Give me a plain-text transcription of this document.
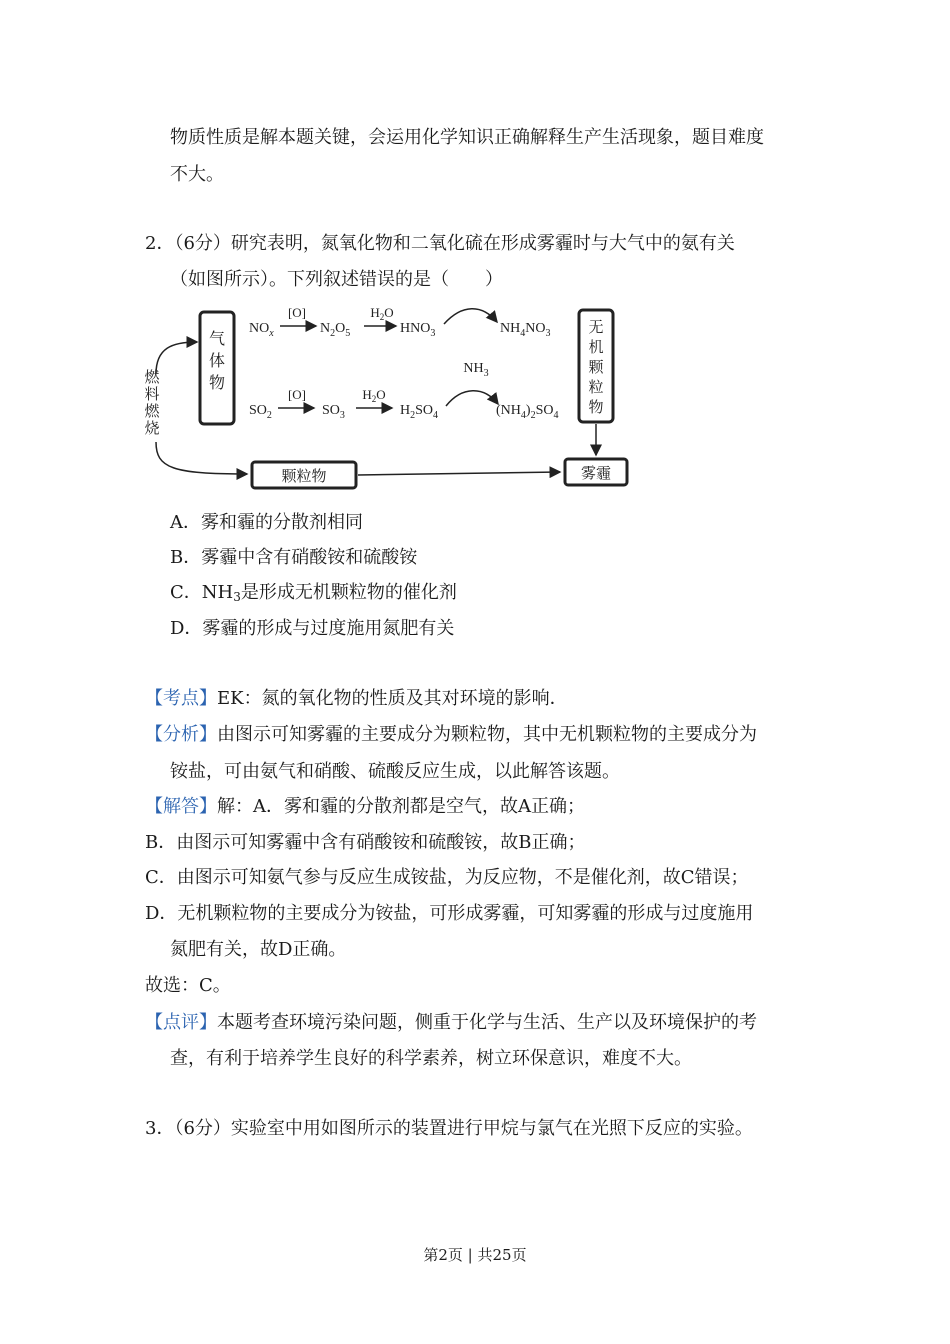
物质性质是解本题关键，会运用化学知识正确解释生产生活现象，题目难度
不大。
2．（6分）研究表明，氮氧化物和二氧化硫在形成雾霾时与大气中的氨有关
（如图所示）。下列叙述错误的是（　　）
气体物
燃料燃烧
$NO_x$
[O]
$N_2O_5$
$H_2O$
$HNO_3$	$NH_4NO_3$
$NH_3$
$SO_2$
[O]
$SO_3$
$H_2O$
$H_2SO_4$	$(NH_4)_2SO_4$
无机颗粒物
颗粒物	雾霾
A．雾和霾的分散剂相同
B．雾霾中含有硝酸铵和硫酸铵
C．$NH_3$是形成无机颗粒物的催化剂
D．雾霾的形成与过度施用氮肥有关
【考点】EK：氮的氧化物的性质及其对环境的影响．
【分析】由图示可知雾霾的主要成分为颗粒物，其中无机颗粒物的主要成分为
铵盐，可由氨气和硝酸、硫酸反应生成，以此解答该题。
【解答】解：A．雾和霾的分散剂都是空气，故A正确；
B．由图示可知雾霾中含有硝酸铵和硫酸铵，故B正确；
C．由图示可知氨气参与反应生成铵盐，为反应物，不是催化剂，故C错误；
D．无机颗粒物的主要成分为铵盐，可形成雾霾，可知雾霾的形成与过度施用
氮肥有关，故D正确。
故选：C。
【点评】本题考查环境污染问题，侧重于化学与生活、生产以及环境保护的考
查，有利于培养学生良好的科学素养，树立环保意识，难度不大。
3．（6分）实验室中用如图所示的装置进行甲烷与氯气在光照下反应的实验。
第2页 | 共25页
